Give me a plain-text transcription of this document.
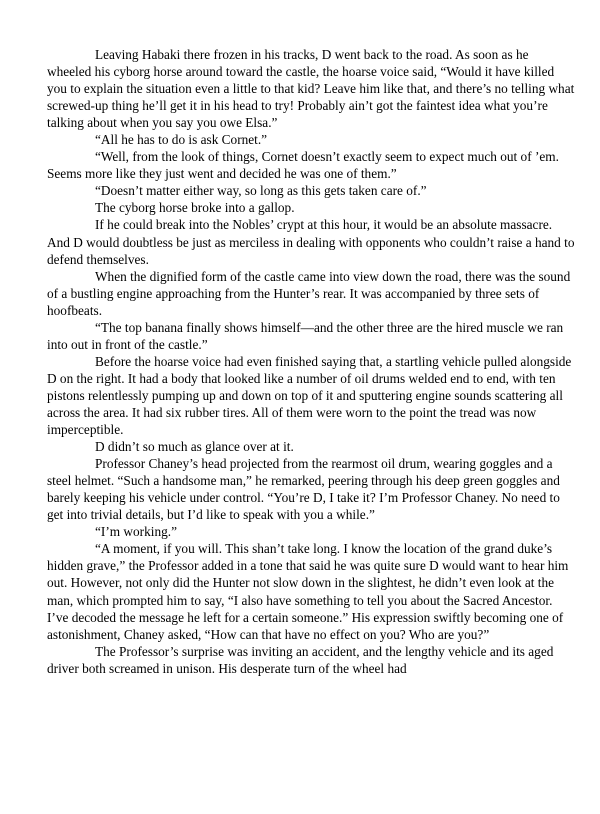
Leaving Habaki there frozen in his tracks, D went back to the road. As soon as he wheeled his cyborg horse around toward the castle, the hoarse voice said, “Would it have killed you to explain the situation even a little to that kid? Leave him like that, and there’s no telling what screwed-up thing he’ll get it in his head to try! Probably ain’t got the faintest idea what you’re talking about when you say you owe Elsa.”

“All he has to do is ask Cornet.”

“Well, from the look of things, Cornet doesn’t exactly seem to expect much out of ’em. Seems more like they just went and decided he was one of them.”

“Doesn’t matter either way, so long as this gets taken care of.”

The cyborg horse broke into a gallop.

If he could break into the Nobles’ crypt at this hour, it would be an absolute massacre. And D would doubtless be just as merciless in dealing with opponents who couldn’t raise a hand to defend themselves.

When the dignified form of the castle came into view down the road, there was the sound of a bustling engine approaching from the Hunter’s rear. It was accompanied by three sets of hoofbeats.

“The top banana finally shows himself—and the other three are the hired muscle we ran into out in front of the castle.”

Before the hoarse voice had even finished saying that, a startling vehicle pulled alongside D on the right. It had a body that looked like a number of oil drums welded end to end, with ten pistons relentlessly pumping up and down on top of it and sputtering engine sounds scattering all across the area. It had six rubber tires. All of them were worn to the point the tread was now imperceptible.

D didn’t so much as glance over at it.

Professor Chaney’s head projected from the rearmost oil drum, wearing goggles and a steel helmet. “Such a handsome man,” he remarked, peering through his deep green goggles and barely keeping his vehicle under control. “You’re D, I take it? I’m Professor Chaney. No need to get into trivial details, but I’d like to speak with you a while.”

“I’m working.”

“A moment, if you will. This shan’t take long. I know the location of the grand duke’s hidden grave,” the Professor added in a tone that said he was quite sure D would want to hear him out. However, not only did the Hunter not slow down in the slightest, he didn’t even look at the man, which prompted him to say, “I also have something to tell you about the Sacred Ancestor. I’ve decoded the message he left for a certain someone.” His expression swiftly becoming one of astonishment, Chaney asked, “How can that have no effect on you? Who are you?”

The Professor’s surprise was inviting an accident, and the lengthy vehicle and its aged driver both screamed in unison. His desperate turn of the wheel had
